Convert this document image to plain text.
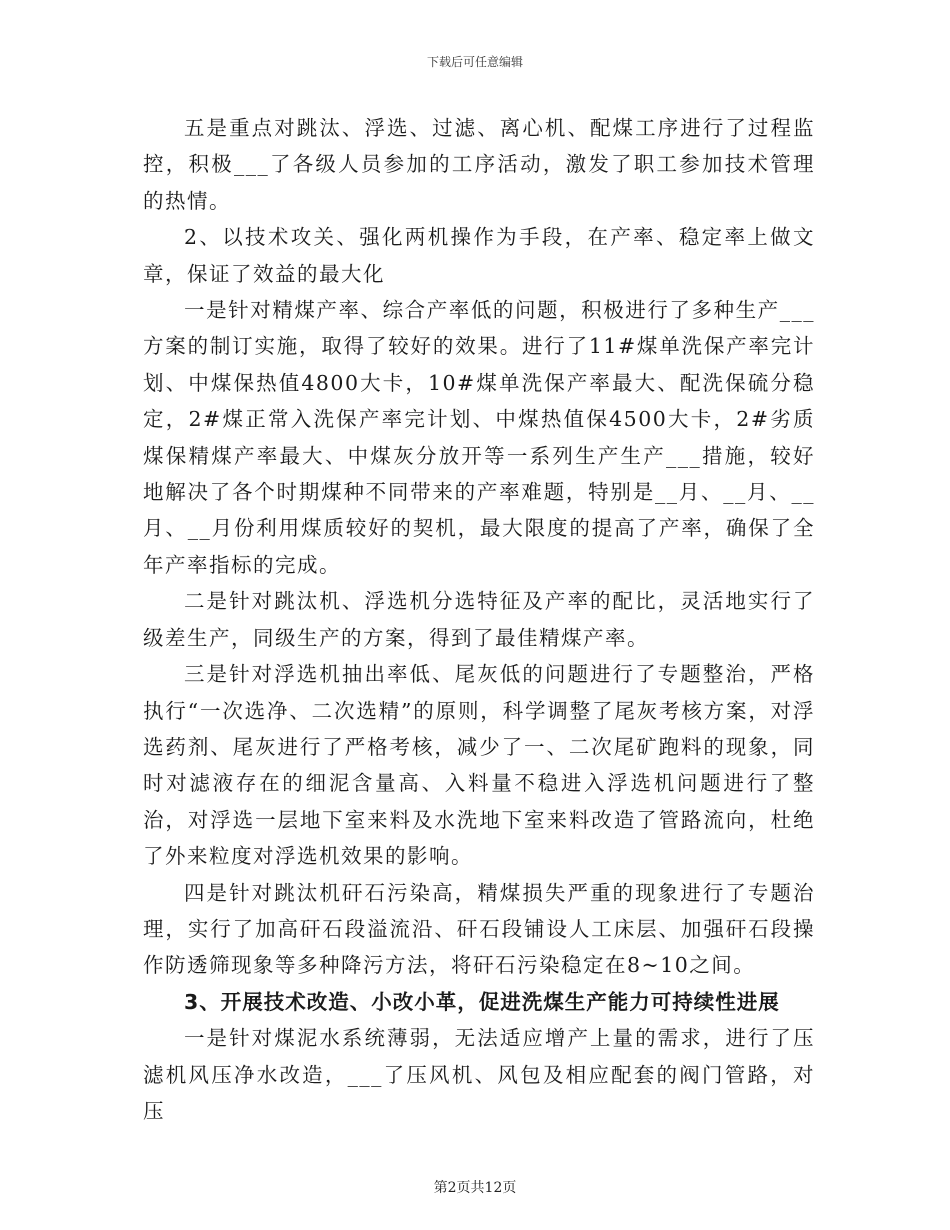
下载后可任意编辑

五是重点对跳汰、浮选、过滤、离心机、配煤工序进行了过程监控，积极___了各级人员参加的工序活动，激发了职工参加技术管理的热情。

2、以技术攻关、强化两机操作为手段，在产率、稳定率上做文章，保证了效益的最大化

一是针对精煤产率、综合产率低的问题，积极进行了多种生产___方案的制订实施，取得了较好的效果。进行了11#煤单洗保产率完计划、中煤保热值4800大卡，10#煤单洗保产率最大、配洗保硫分稳定，2#煤正常入洗保产率完计划、中煤热值保4500大卡，2#劣质煤保精煤产率最大、中煤灰分放开等一系列生产生产___措施，较好地解决了各个时期煤种不同带来的产率难题，特别是__月、__月、__月、__月份利用煤质较好的契机，最大限度的提高了产率，确保了全年产率指标的完成。

二是针对跳汰机、浮选机分选特征及产率的配比，灵活地实行了级差生产，同级生产的方案，得到了最佳精煤产率。

三是针对浮选机抽出率低、尾灰低的问题进行了专题整治，严格执行“一次选净、二次选精”的原则，科学调整了尾灰考核方案，对浮选药剂、尾灰进行了严格考核，减少了一、二次尾矿跑料的现象，同时对滤液存在的细泥含量高、入料量不稳进入浮选机问题进行了整治，对浮选一层地下室来料及水洗地下室来料改造了管路流向，杜绝了外来粒度对浮选机效果的影响。

四是针对跳汰机矸石污染高，精煤损失严重的现象进行了专题治理，实行了加高矸石段溢流沿、矸石段铺设人工床层、加强矸石段操作防透筛现象等多种降污方法，将矸石污染稳定在8~10之间。

3、开展技术改造、小改小革，促进洗煤生产能力可持续性进展

一是针对煤泥水系统薄弱，无法适应增产上量的需求，进行了压滤机风压净水改造，___了压风机、风包及相应配套的阀门管路，对压

第2页共12页
